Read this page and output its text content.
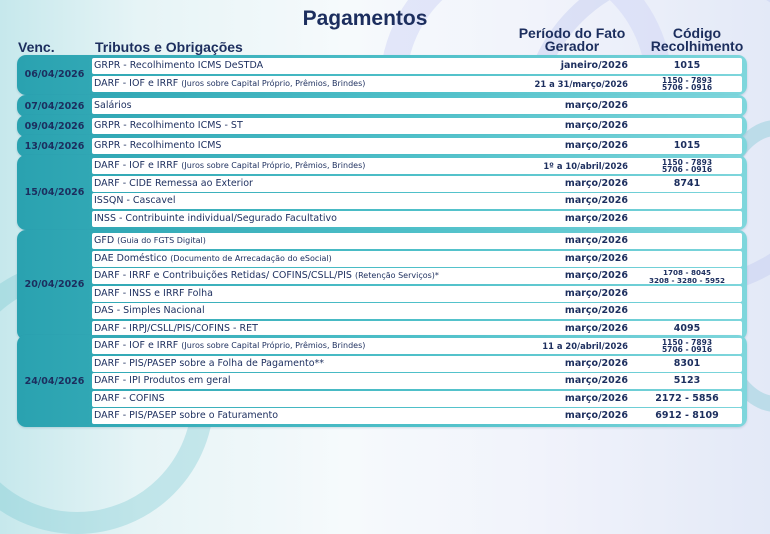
Pagamentos
Venc.	Tributos e Obrigações
Período do Fato
Gerador
Código
Recolhimento
06/04/2026
GRPR - Recolhimento ICMS DeSTDA	janeiro/2026	1015
DARF - IOF e IRRF (Juros sobre Capital Próprio, Prêmios, Brindes)	21 a 31/março/2026	1150 - 7893
5706 - 0916
07/04/2026	Salários	março/2026
09/04/2026	GRPR - Recolhimento ICMS - ST	março/2026
13/04/2026	GRPR - Recolhimento ICMS	março/2026	1015
15/04/2026
DARF - IOF e IRRF (Juros sobre Capital Próprio, Prêmios, Brindes)	1º a 10/abril/2026	1150 - 7893
5706 - 0916
DARF - CIDE Remessa ao Exterior	março/2026	8741
ISSQN - Cascavel	março/2026
INSS - Contribuinte individual/Segurado Facultativo	março/2026
20/04/2026
GFD (Guia do FGTS Digital)	março/2026
DAE Doméstico (Documento de Arrecadação do eSocial)	março/2026
DARF - IRRF e Contribuições Retidas/ COFINS/CSLL/PIS (Retenção Serviços)*	março/2026	1708 - 8045
3208 - 3280 - 5952
DARF - INSS e IRRF Folha	março/2026
DAS - Simples Nacional	março/2026
DARF - IRPJ/CSLL/PIS/COFINS - RET	março/2026	4095
24/04/2026
DARF - IOF e IRRF (Juros sobre Capital Próprio, Prêmios, Brindes)	11 a 20/abril/2026	1150 - 7893
5706 - 0916
DARF - PIS/PASEP sobre a Folha de Pagamento**	março/2026	8301
DARF - IPI Produtos em geral	março/2026	5123
DARF - COFINS	março/2026	2172 - 5856
DARF - PIS/PASEP sobre o Faturamento	março/2026	6912 - 8109
